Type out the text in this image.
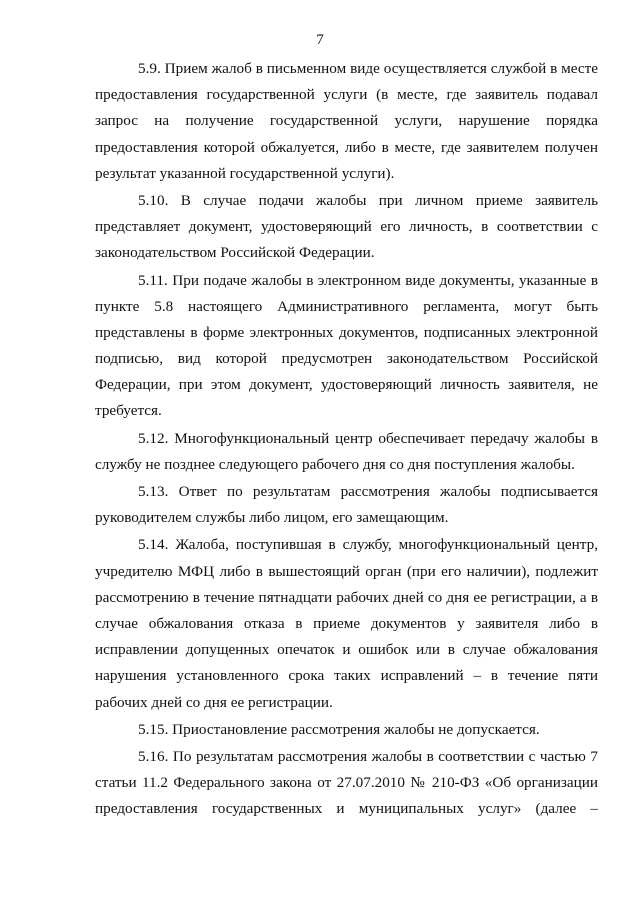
7
5.9. Прием жалоб в письменном виде осуществляется службой в месте
предоставления государственной услуги (в месте, где заявитель подавал
запрос на получение государственной услуги, нарушение порядка
предоставления которой обжалуется, либо в месте, где заявителем получен
результат указанной государственной услуги).
5.10. В случае подачи жалобы при личном приеме заявитель
представляет документ, удостоверяющий его личность, в соответствии с
законодательством Российской Федерации.
5.11. При подаче жалобы в электронном виде документы, указанные в
пункте 5.8 настоящего Административного регламента, могут быть
представлены в форме электронных документов, подписанных электронной
подписью, вид которой предусмотрен законодательством Российской
Федерации, при этом документ, удостоверяющий личность заявителя, не
требуется.
5.12. Многофункциональный центр обеспечивает передачу жалобы в
службу не позднее следующего рабочего дня со дня поступления жалобы.
5.13. Ответ по результатам рассмотрения жалобы подписывается
руководителем службы либо лицом, его замещающим.
5.14. Жалоба, поступившая в службу, многофункциональный центр,
учредителю МФЦ либо в вышестоящий орган (при его наличии), подлежит
рассмотрению в течение пятнадцати рабочих дней со дня ее регистрации, а в
случае обжалования отказа в приеме документов у заявителя либо в
исправлении допущенных опечаток и ошибок или в случае обжалования
нарушения установленного срока таких исправлений – в течение пяти
рабочих дней со дня ее регистрации.
5.15. Приостановление рассмотрения жалобы не допускается.
5.16. По результатам рассмотрения жалобы в соответствии с частью 7
статьи 11.2 Федерального закона от 27.07.2010 № 210-ФЗ «Об организации
предоставления государственных и муниципальных услуг» (далее –
